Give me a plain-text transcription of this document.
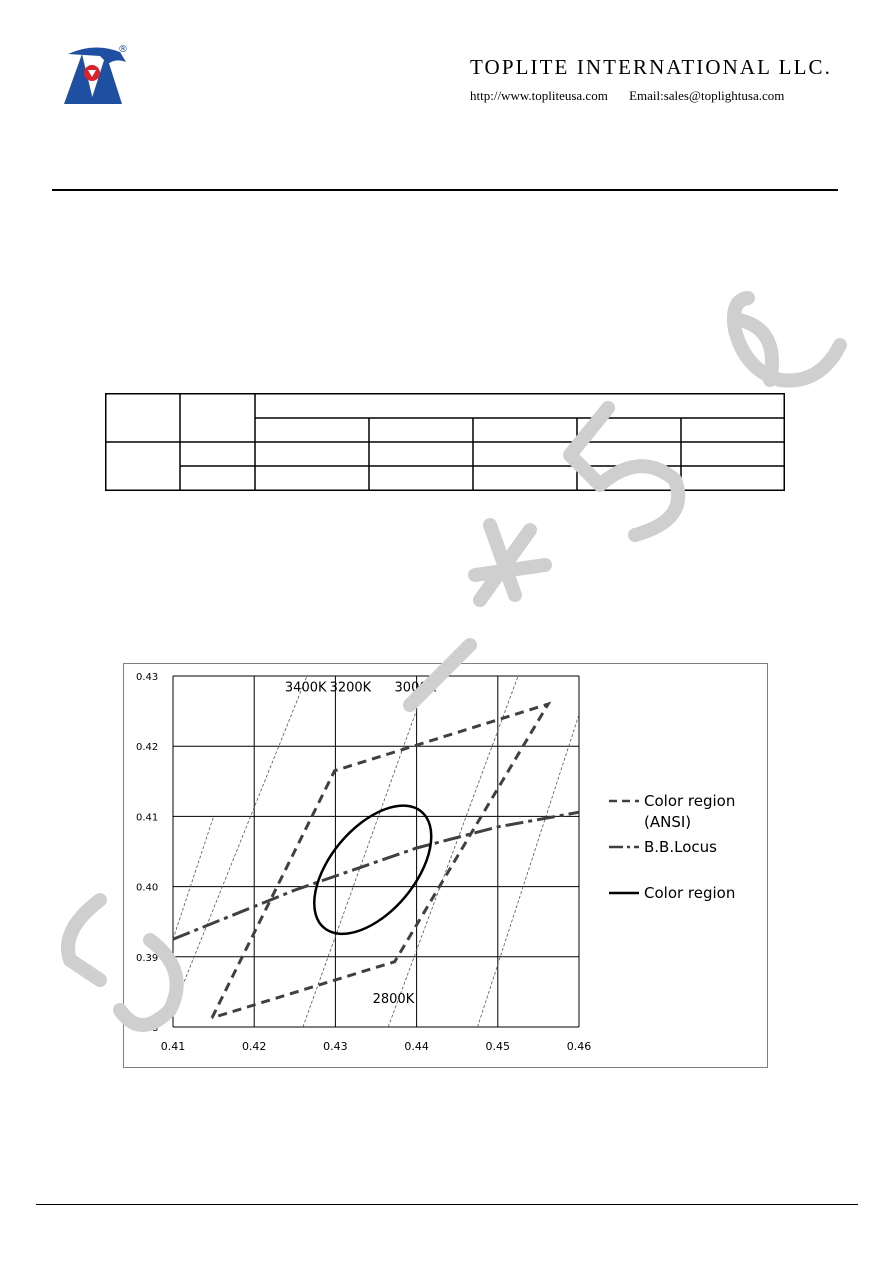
®
TOPLITE INTERNATIONAL LLC.
http://www.topliteusa.com Email:sales@toplightusa.com
0.41	0.42	0.43	0.44	0.45	0.46
0.43
0.42
0.41
0.40
0.39
0.38
3400K 3200K 3000K
2800K
Color region
(ANSI)
B.B.Locus
Color region
